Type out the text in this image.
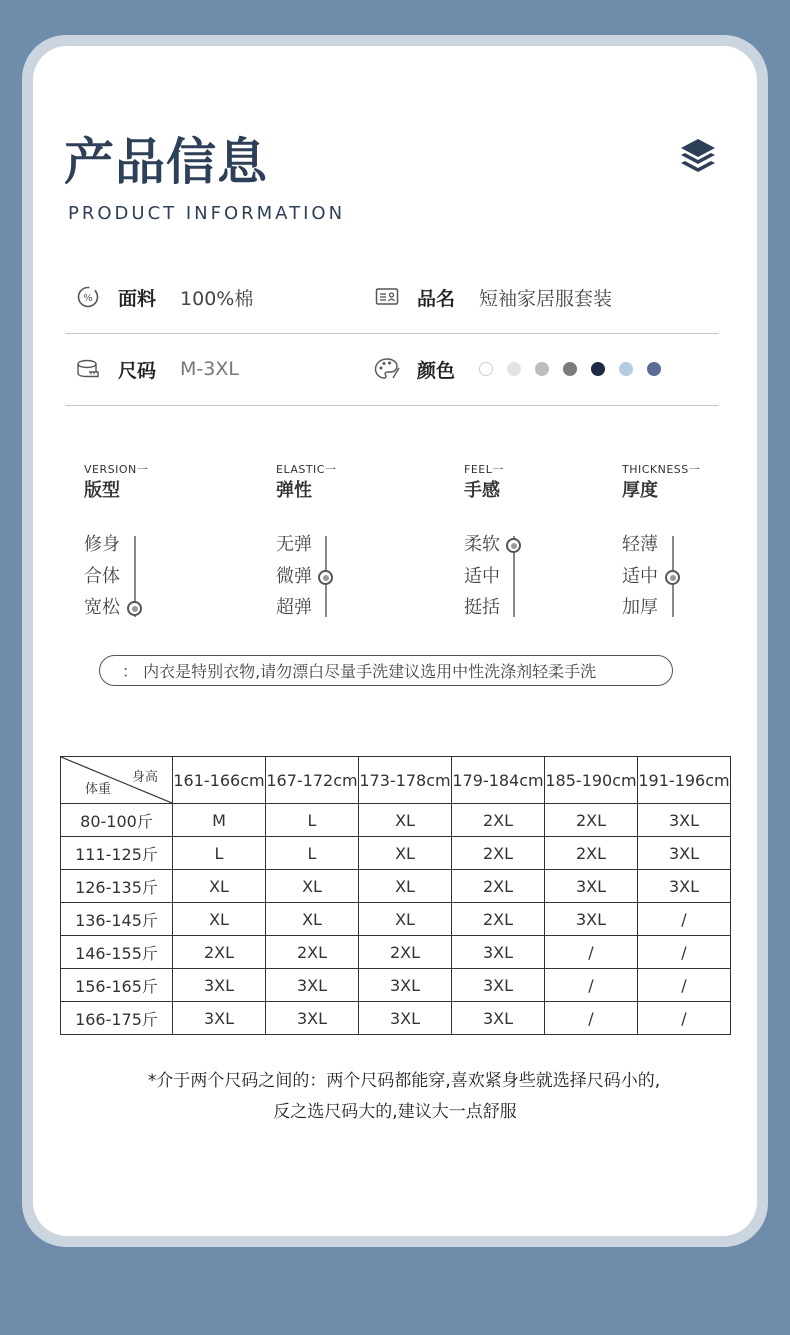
产品信息
PRODUCT INFORMATION
% 面料 100%棉	品名 短袖家居服套装
尺码 M-3XL	颜色
VERSION一
版型
ELASTIC一
弹性
FEEL一
手感
THICKNESS一
厚度
修身
合体
宽松
无弹
微弹
超弹
柔软
适中
挺括
轻薄
适中
加厚
： 内衣是特别衣物,请勿漂白尽量手洗建议选用中性洗涤剂轻柔手洗
身高
体重	161-166cm	167-172cm	173-178cm	179-184cm	185-190cm	191-196cm
80-100斤	M	L	XL	2XL	2XL	3XL
111-125斤	L	L	XL	2XL	2XL	3XL
126-135斤	XL	XL	XL	2XL	3XL	3XL
136-145斤	XL	XL	XL	2XL	3XL	/
146-155斤	2XL	2XL	2XL	3XL	/	/
156-165斤	3XL	3XL	3XL	3XL	/	/
166-175斤	3XL	3XL	3XL	3XL	/	/
*介于两个尺码之间的：两个尺码都能穿,喜欢紧身些就选择尺码小的,
反之选尺码大的,建议大一点舒服
